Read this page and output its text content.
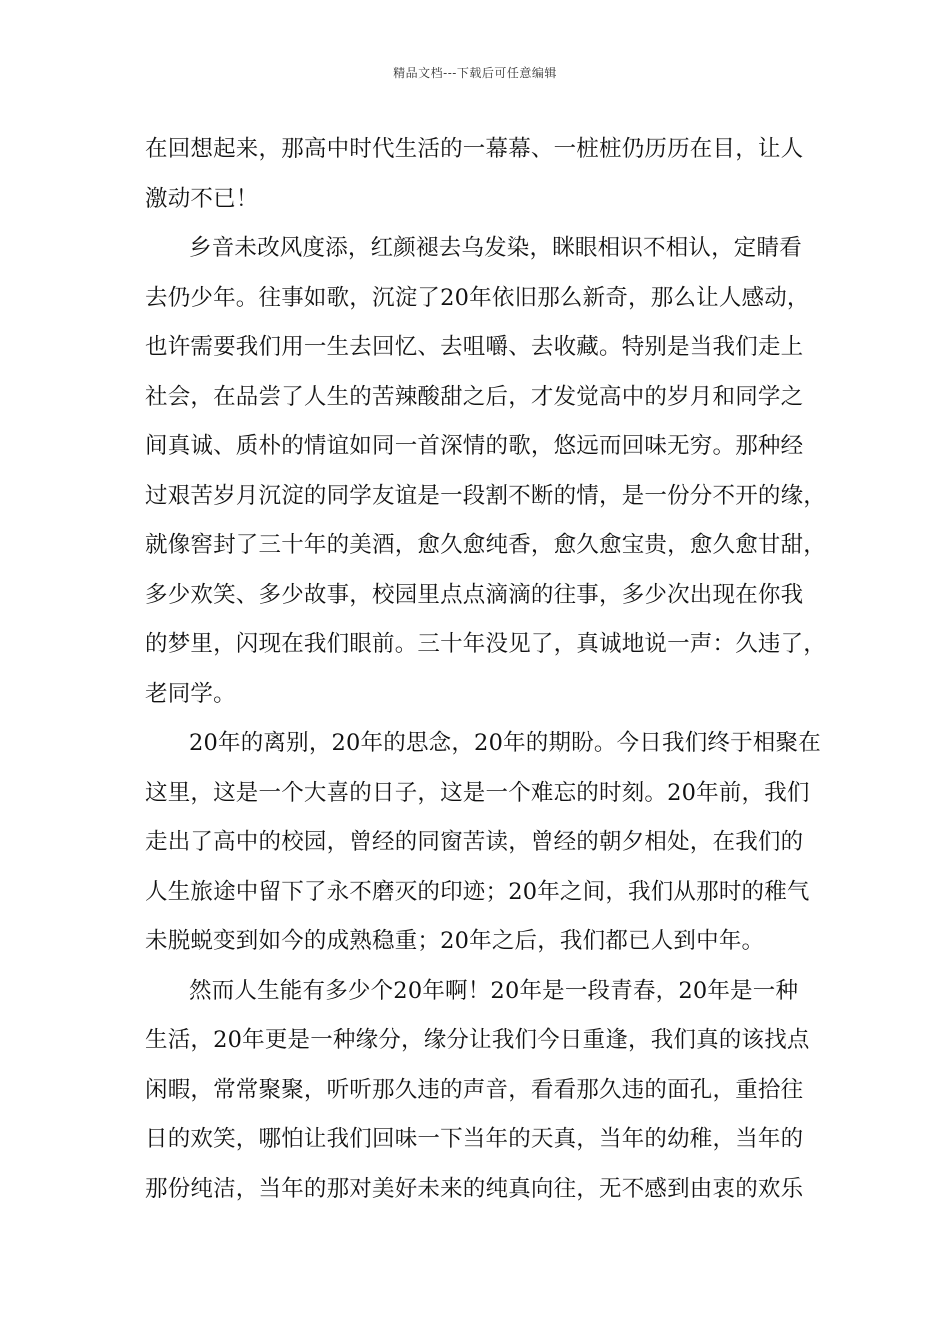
精品文档---下载后可任意编辑
在回想起来，那高中时代生活的一幕幕、一桩桩仍历历在目，让人
激动不已！
乡音未改风度添，红颜褪去乌发染，眯眼相识不相认，定睛看
去仍少年。往事如歌，沉淀了20年依旧那么新奇，那么让人感动，
也许需要我们用一生去回忆、去咀嚼、去收藏。特别是当我们走上
社会，在品尝了人生的苦辣酸甜之后，才发觉高中的岁月和同学之
间真诚、质朴的情谊如同一首深情的歌，悠远而回味无穷。那种经
过艰苦岁月沉淀的同学友谊是一段割不断的情，是一份分不开的缘，
就像窖封了三十年的美酒，愈久愈纯香，愈久愈宝贵，愈久愈甘甜，
多少欢笑、多少故事，校园里点点滴滴的往事，多少次出现在你我
的梦里，闪现在我们眼前。三十年没见了，真诚地说一声：久违了，
老同学。
20年的离别，20年的思念，20年的期盼。今日我们终于相聚在
这里，这是一个大喜的日子，这是一个难忘的时刻。20年前，我们
走出了高中的校园，曾经的同窗苦读，曾经的朝夕相处，在我们的
人生旅途中留下了永不磨灭的印迹；20年之间，我们从那时的稚气
未脱蜕变到如今的成熟稳重；20年之后，我们都已人到中年。
然而人生能有多少个20年啊！20年是一段青春，20年是一种
生活，20年更是一种缘分，缘分让我们今日重逢，我们真的该找点
闲暇，常常聚聚，听听那久违的声音，看看那久违的面孔，重拾往
日的欢笑，哪怕让我们回味一下当年的天真，当年的幼稚，当年的
那份纯洁，当年的那对美好未来的纯真向往，无不感到由衷的欢乐
